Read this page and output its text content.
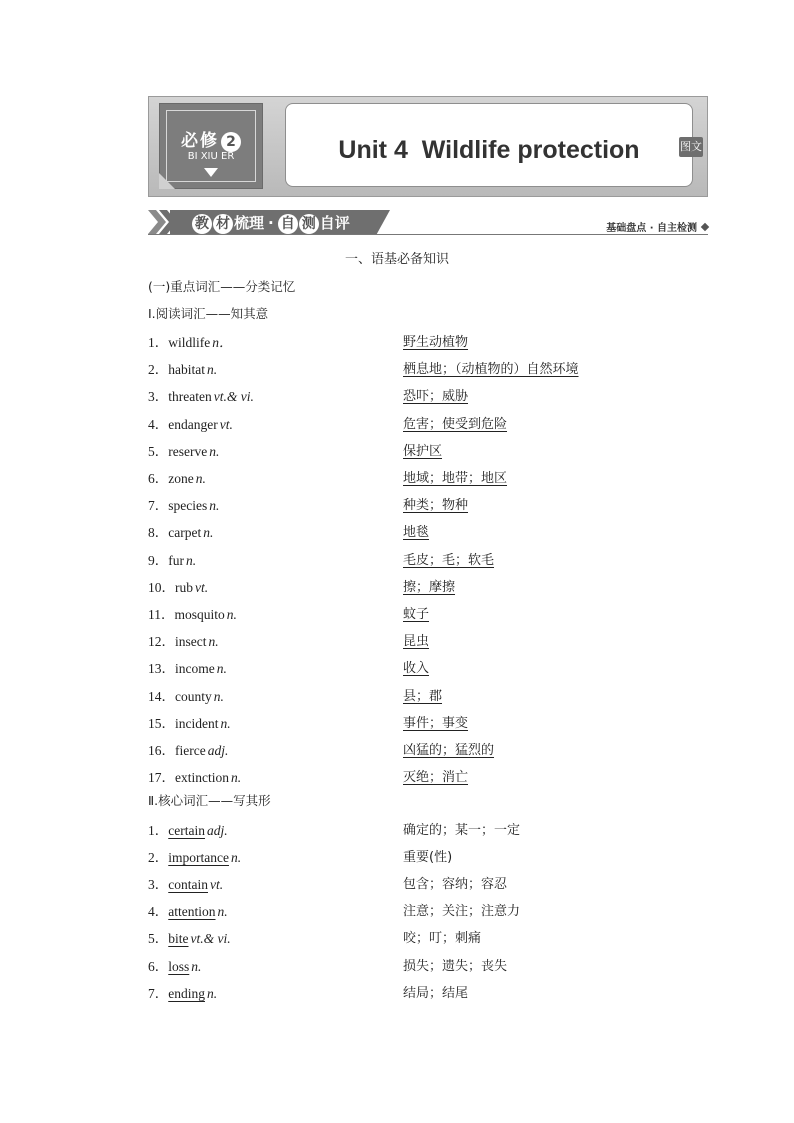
必修 2
BI XIU ER	Unit 4  Wildlife protection	图文
教 材 梳理 · 自 测 自评	基础盘点 · 自主检测
一、语基必备知识
(一)重点词汇——分类记忆
Ⅰ.阅读词汇——知其意
1．wildlife n．	野生动植物
2．habitat n.	栖息地；（动植物的）自然环境
3．threaten vt.& vi.	恐吓；威胁
4．endanger vt.	危害；使受到危险
5．reserve n.	保护区
6．zone n.	地域；地带；地区
7．species n.	种类；物种
8．carpet n.	地毯
9．fur n.	毛皮；毛；软毛
10．rub vt.	擦；摩擦
11．mosquito n.	蚊子
12．insect n.	昆虫
13．income n.	收入
14．county n.	县；郡
15．incident n.	事件；事变
16．fierce adj.	凶猛的；猛烈的
17．extinction n.	灭绝；消亡
Ⅱ.核心词汇——写其形
1．certain adj.	确定的；某一；一定
2．importance n.	重要(性)
3．contain vt.	包含；容纳；容忍
4．attention n.	注意；关注；注意力
5．bite vt.& vi.	咬；叮；刺痛
6．loss n.	损失；遗失；丧失
7．ending n.	结局；结尾
